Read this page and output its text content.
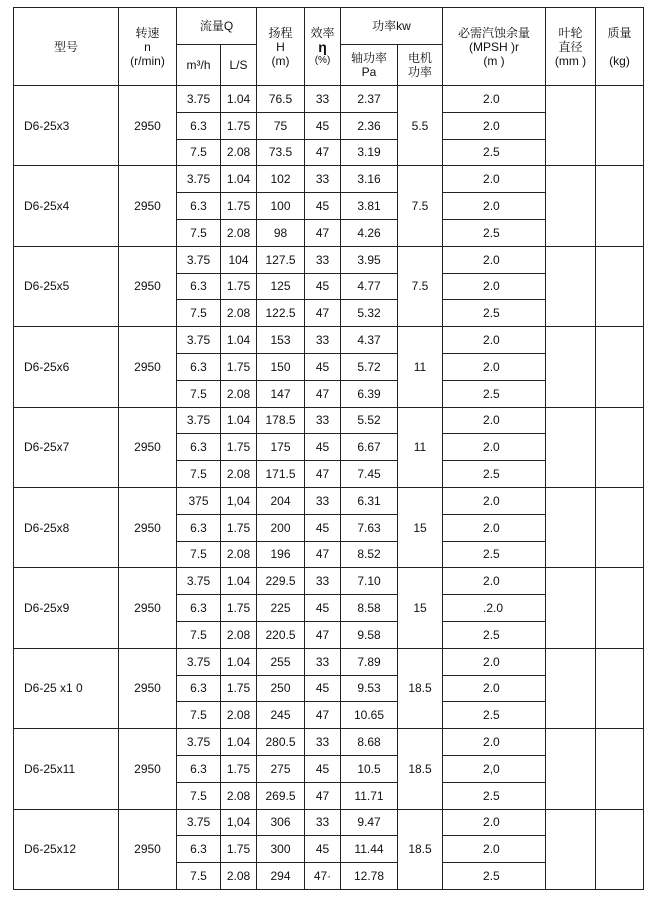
型号	转速
n
(r/min)	流量Q		扬程
H
(m)	效率
η
(%)	功率kw		必需汽蚀余量
(MPSH )r
(m )	叶轮
直径
(mm )	质量

(kg)

		m³/h	L/S			轴功率
Pa	电机
功率			

D6-25x3	2950	3.75	1.04	76.5	33	2.37	5.5	2.0		
		6.3	1.75	75	45	2.36		2.0		
		7.5	2.08	73.5	47	3.19		2.5		
D6-25x4	2950	3.75	1.04	102	33	3.16	7.5	2.0		
		6.3	1.75	100	45	3.81		2.0		
		7.5	2.08	98	47	4.26		2.5		
D6-25x5	2950	3.75	104	127.5	33	3.95	7.5	2.0		
		6.3	1.75	125	45	4.77		2.0		
		7.5	2.08	122.5	47	5.32		2.5		
D6-25x6	2950	3.75	1.04	153	33	4.37	11	2.0		
		6.3	1.75	150	45	5.72		2.0		
		7.5	2.08	147	47	6.39		2.5		
D6-25x7	2950	3.75	1.04	178.5	33	5.52	11	2.0		
		6.3	1.75	175	45	6.67		2.0		
		7.5	2.08	171.5	47	7.45		2.5		
D6-25x8	2950	375	1,04	204	33	6.31	15	2.0		
		6.3	1.75	200	45	7.63		2.0		
		7.5	2.08	196	47	8.52		2.5		
D6-25x9	2950	3.75	1.04	229.5	33	7.10	15	2.0		
		6.3	1.75	225	45	8.58		.2.0		
		7.5	2.08	220.5	47	9.58		2.5		
D6-25 x1 0	2950	3.75	1.04	255	33	7.89	18.5	2.0		
		6.3	1.75	250	45	9.53		2.0		
		7.5	2.08	245	47	10.65		2.5		
D6-25x11	2950	3.75	1.04	280.5	33	8.68	18.5	2.0		
		6.3	1.75	275	45	10.5		2,0		
		7.5	2.08	269.5	47	11.71		2.5		
D6-25x12	2950	3.75	1,04	306	33	9.47	18.5	2.0		
		6.3	1.75	300	45	11.44		2.0		
		7.5	2.08	294	47·	12.78		2.5		
